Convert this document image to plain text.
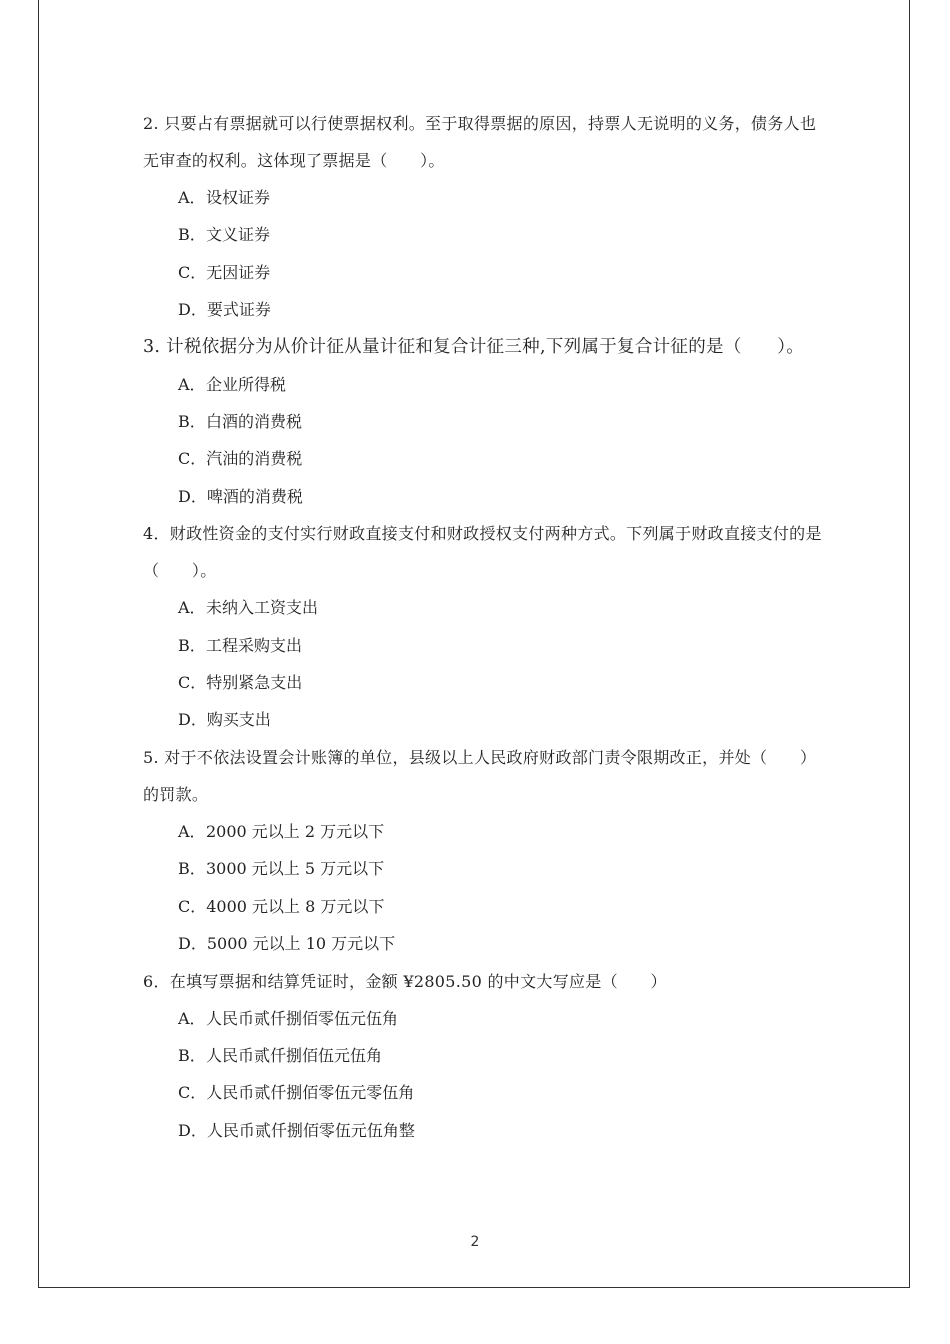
2. 只要占有票据就可以行使票据权利。至于取得票据的原因，持票人无说明的义务，债务人也无审查的权利。这体现了票据是（　　）。

A．设权证券

B．文义证券

C．无因证券

D．要式证券

3. 计税依据分为从价计征从量计征和复合计征三种,下列属于复合计征的是（　　）。

A．企业所得税

B．白酒的消费税

C．汽油的消费税

D．啤酒的消费税

4．财政性资金的支付实行财政直接支付和财政授权支付两种方式。下列属于财政直接支付的是（　　）。

A．未纳入工资支出

B．工程采购支出

C．特别紧急支出

D．购买支出

5. 对于不依法设置会计账簿的单位，县级以上人民政府财政部门责令限期改正，并处（　　）的罚款。

A．2000 元以上 2 万元以下

B．3000 元以上 5 万元以下

C．4000 元以上 8 万元以下

D．5000 元以上 10 万元以下

6．在填写票据和结算凭证时，金额 ¥2805.50 的中文大写应是（　　）

A．人民币贰仟捌佰零伍元伍角

B．人民币贰仟捌佰伍元伍角

C．人民币贰仟捌佰零伍元零伍角

D．人民币贰仟捌佰零伍元伍角整

2
